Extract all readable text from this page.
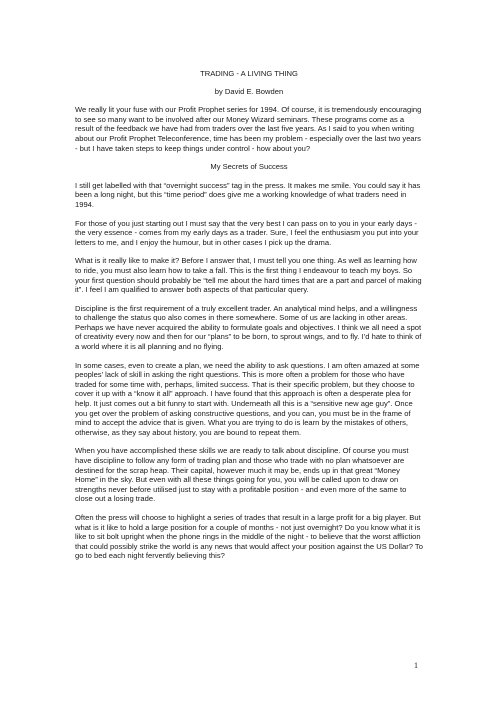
TRADING - A LIVING THING
by David E. Bowden

We really lit your fuse with our Profit Prophet series for 1994. Of course, it is tremendously encouraging to see so many want to be involved after our Money Wizard seminars. These programs come as a result of the feedback we have had from traders over the last five years. As I said to you when writing about our Profit Prophet Teleconference, time has been my problem - especially over the last two years - but I have taken steps to keep things under control - how about you?

My Secrets of Success

I still get labelled with that “overnight success” tag in the press. It makes me smile. You could say it has been a long night, but this “time period” does give me a working knowledge of what traders need in 1994.

For those of you just starting out I must say that the very best I can pass on to you in your early days - the very essence - comes from my early days as a trader. Sure, I feel the enthusiasm you put into your letters to me, and I enjoy the humour, but in other cases I pick up the drama.

What is it really like to make it? Before I answer that, I must tell you one thing. As well as learning how to ride, you must also learn how to take a fall. This is the first thing I endeavour to teach my boys. So your first question should probably be “tell me about the hard times that are a part and parcel of making it”. I feel I am qualified to answer both aspects of that particular query.

Discipline is the first requirement of a truly excellent trader. An analytical mind helps, and a willingness to challenge the status quo also comes in there somewhere. Some of us are lacking in other areas. Perhaps we have never acquired the ability to formulate goals and objectives. I think we all need a spot of creativity every now and then for our “plans” to be born, to sprout wings, and to fly. I’d hate to think of a world where it is all planning and no flying.

In some cases, even to create a plan, we need the ability to ask questions. I am often amazed at some peoples’ lack of skill in asking the right questions. This is more often a problem for those who have traded for some time with, perhaps, limited success. That is their specific problem, but they choose to cover it up with a “know it all” approach. I have found that this approach is often a desperate plea for help. It just comes out a bit funny to start with. Underneath all this is a “sensitive new age guy”. Once you get over the problem of asking constructive questions, and you can, you must be in the frame of mind to accept the advice that is given. What you are trying to do is learn by the mistakes of others, otherwise, as they say about history, you are bound to repeat them.

When you have accomplished these skills we are ready to talk about discipline. Of course you must have discipline to follow any form of trading plan and those who trade with no plan whatsoever are destined for the scrap heap. Their capital, however much it may be, ends up in that great “Money Home” in the sky. But even with all these things going for you, you will be called upon to draw on strengths never before utilised just to stay with a profitable position - and even more of the same to close out a losing trade.

Often the press will choose to highlight a series of trades that result in a large profit for a big player. But what is it like to hold a large position for a couple of months - not just overnight? Do you know what it is like to sit bolt upright when the phone rings in the middle of the night - to believe that the worst affliction that could possibly strike the world is any news that would affect your position against the US Dollar? To go to bed each night fervently believing this?

1
